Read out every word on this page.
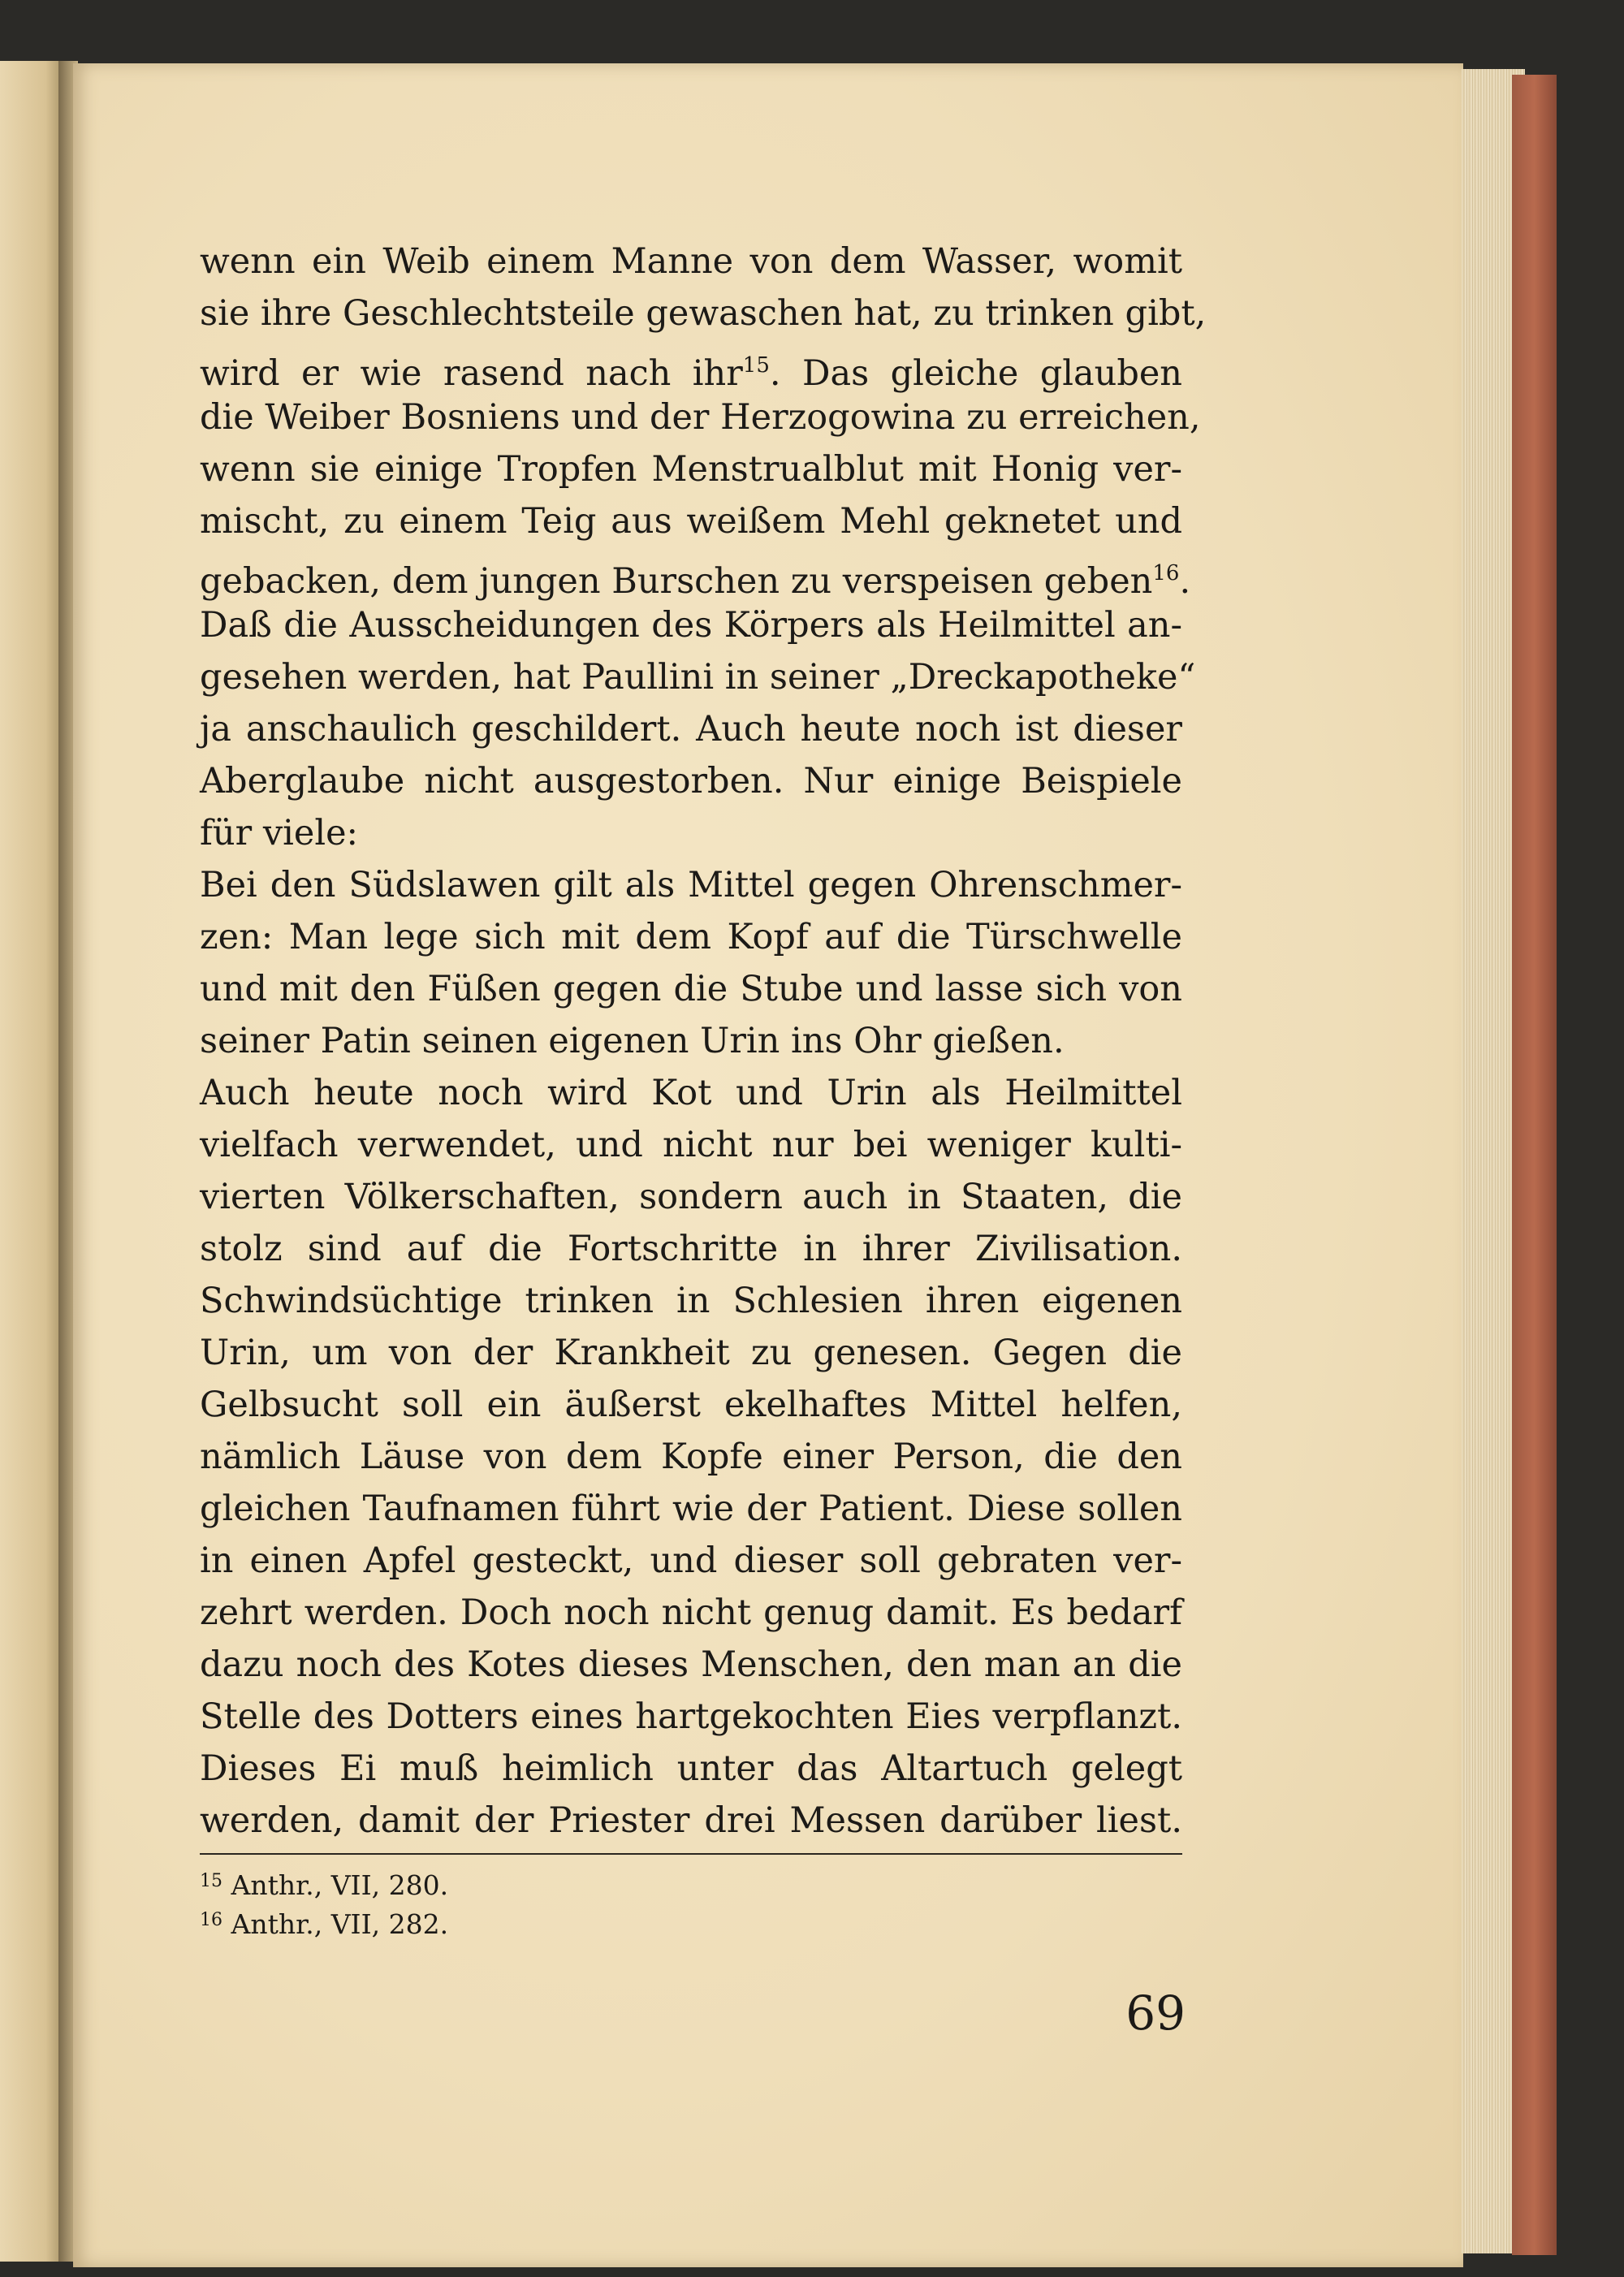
wenn ein Weib einem Manne von dem Wasser, womit
sie ihre Geschlechtsteile gewaschen hat, zu trinken gibt,
wird er wie rasend nach ihr$^{15}$. Das gleiche glauben
die Weiber Bosniens und der Herzogowina zu erreichen,
wenn sie einige Tropfen Menstrualblut mit Honig ver-
mischt, zu einem Teig aus weißem Mehl geknetet und
gebacken, dem jungen Burschen zu verspeisen geben$^{16}$.
Daß die Ausscheidungen des Körpers als Heilmittel an-
gesehen werden, hat Paullini in seiner „Dreckapotheke“
ja anschaulich geschildert. Auch heute noch ist dieser
Aberglaube nicht ausgestorben. Nur einige Beispiele
für viele:
Bei den Südslawen gilt als Mittel gegen Ohrenschmer-
zen: Man lege sich mit dem Kopf auf die Türschwelle
und mit den Füßen gegen die Stube und lasse sich von
seiner Patin seinen eigenen Urin ins Ohr gießen.
Auch heute noch wird Kot und Urin als Heilmittel
vielfach verwendet, und nicht nur bei weniger kulti-
vierten Völkerschaften, sondern auch in Staaten, die
stolz sind auf die Fortschritte in ihrer Zivilisation.
Schwindsüchtige trinken in Schlesien ihren eigenen
Urin, um von der Krankheit zu genesen. Gegen die
Gelbsucht soll ein äußerst ekelhaftes Mittel helfen,
nämlich Läuse von dem Kopfe einer Person, die den
gleichen Taufnamen führt wie der Patient. Diese sollen
in einen Apfel gesteckt, und dieser soll gebraten ver-
zehrt werden. Doch noch nicht genug damit. Es bedarf
dazu noch des Kotes dieses Menschen, den man an die
Stelle des Dotters eines hartgekochten Eies verpflanzt.
Dieses Ei muß heimlich unter das Altartuch gelegt
werden, damit der Priester drei Messen darüber liest.
$^{15}$ Anthr., VII, 280.
$^{16}$ Anthr., VII, 282.
69
